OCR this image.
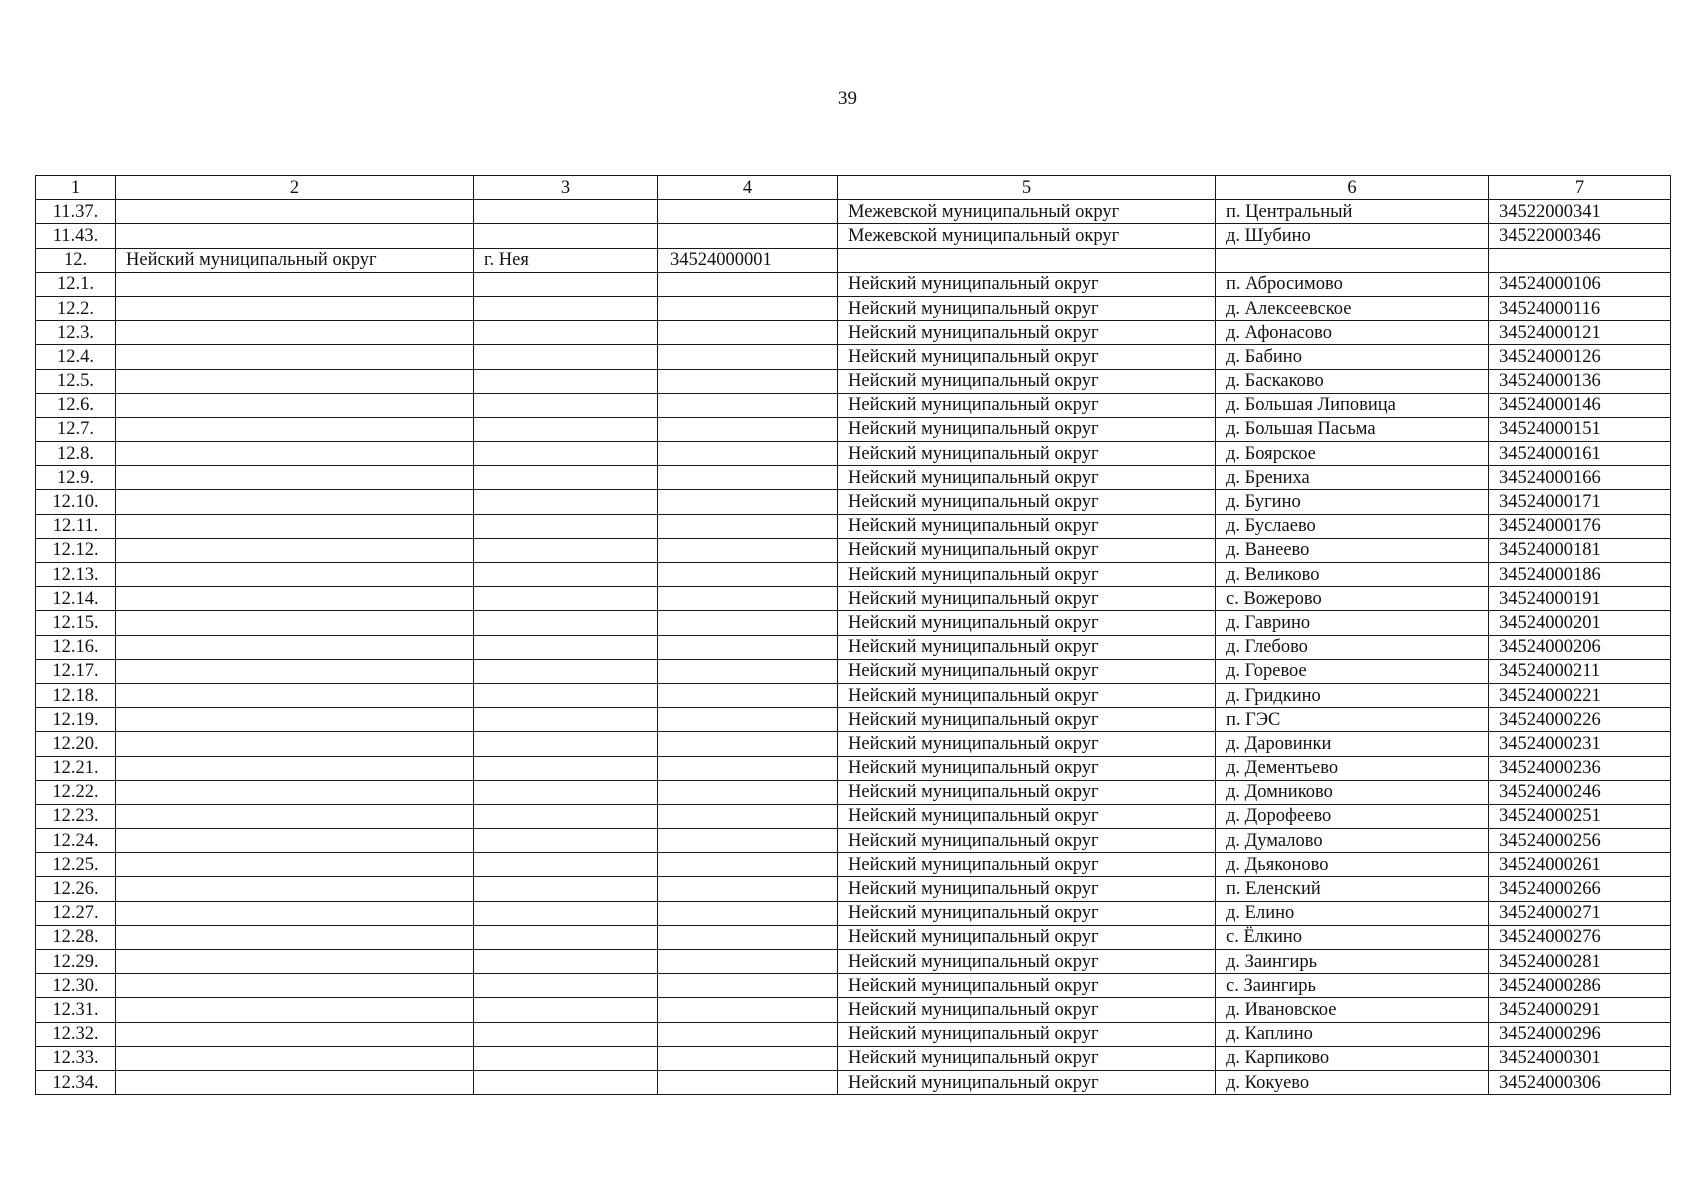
39
1	2	3	4	5	6	7
11.37.				Межевской муниципальный округ	п. Центральный	34522000341
11.43.				Межевской муниципальный округ	д. Шубино	34522000346
12.	Нейский муниципальный округ	г. Нея	34524000001			
12.1.				Нейский муниципальный округ	п. Абросимово	34524000106
12.2.				Нейский муниципальный округ	д. Алексеевское	34524000116
12.3.				Нейский муниципальный округ	д. Афонасово	34524000121
12.4.				Нейский муниципальный округ	д. Бабино	34524000126
12.5.				Нейский муниципальный округ	д. Баскаково	34524000136
12.6.				Нейский муниципальный округ	д. Большая Липовица	34524000146
12.7.				Нейский муниципальный округ	д. Большая Пасьма	34524000151
12.8.				Нейский муниципальный округ	д. Боярское	34524000161
12.9.				Нейский муниципальный округ	д. Брениха	34524000166
12.10.				Нейский муниципальный округ	д. Бугино	34524000171
12.11.				Нейский муниципальный округ	д. Буслаево	34524000176
12.12.				Нейский муниципальный округ	д. Ванеево	34524000181
12.13.				Нейский муниципальный округ	д. Великово	34524000186
12.14.				Нейский муниципальный округ	с. Вожерово	34524000191
12.15.				Нейский муниципальный округ	д. Гаврино	34524000201
12.16.				Нейский муниципальный округ	д. Глебово	34524000206
12.17.				Нейский муниципальный округ	д. Горевое	34524000211
12.18.				Нейский муниципальный округ	д. Гридкино	34524000221
12.19.				Нейский муниципальный округ	п. ГЭС	34524000226
12.20.				Нейский муниципальный округ	д. Даровинки	34524000231
12.21.				Нейский муниципальный округ	д. Дементьево	34524000236
12.22.				Нейский муниципальный округ	д. Домниково	34524000246
12.23.				Нейский муниципальный округ	д. Дорофеево	34524000251
12.24.				Нейский муниципальный округ	д. Думалово	34524000256
12.25.				Нейский муниципальный округ	д. Дьяконово	34524000261
12.26.				Нейский муниципальный округ	п. Еленский	34524000266
12.27.				Нейский муниципальный округ	д. Елино	34524000271
12.28.				Нейский муниципальный округ	с. Ёлкино	34524000276
12.29.				Нейский муниципальный округ	д. Заингирь	34524000281
12.30.				Нейский муниципальный округ	с. Заингирь	34524000286
12.31.				Нейский муниципальный округ	д. Ивановское	34524000291
12.32.				Нейский муниципальный округ	д. Каплино	34524000296
12.33.				Нейский муниципальный округ	д. Карпиково	34524000301
12.34.				Нейский муниципальный округ	д. Кокуево	34524000306
